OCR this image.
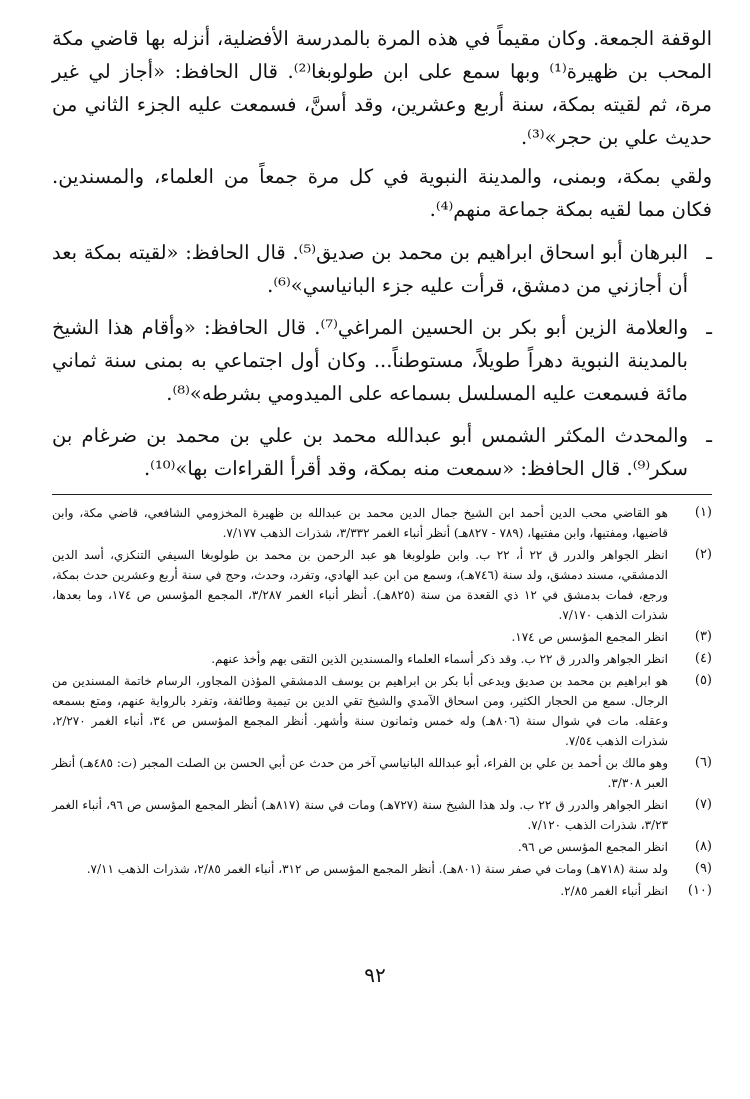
الوقفة الجمعة. وكان مقيماً في هذه المرة بالمدرسة الأفضلية، أنزله بها قاضي مكة المحب بن ظهيرة⁽¹⁾ وبها سمع على ابن طولوبغا⁽²⁾. قال الحافظ: «أجاز لي غير مرة، ثم لقيته بمكة، سنة أربع وعشرين، وقد أسنَّ، فسمعت عليه الجزء الثاني من حديث علي بن حجر»⁽³⁾.

ولقي بمكة، وبمنى، والمدينة النبوية في كل مرة جمعاً من العلماء، والمسندين. فكان مما لقيه بمكة جماعة منهم⁽⁴⁾.

ـ
البرهان أبو اسحاق ابراهيم بن محمد بن صديق⁽⁵⁾. قال الحافظ: «لقيته بمكة بعد أن أجازني من دمشق، قرأت عليه جزء البانياسي»⁽⁶⁾.
ـ
والعلامة الزين أبو بكر بن الحسين المراغي⁽⁷⁾. قال الحافظ: «وأقام هذا الشيخ بالمدينة النبوية دهراً طويلاً، مستوطناً... وكان أول اجتماعي به بمنى سنة ثماني مائة فسمعت عليه المسلسل بسماعه على الميدومي بشرطه»⁽⁸⁾.
ـ
والمحدث المكثر الشمس أبو عبدالله محمد بن علي بن محمد بن ضرغام بن سكر⁽⁹⁾. قال الحافظ: «سمعت منه بمكة، وقد أقرأ القراءات بها»⁽¹⁰⁾.
(١)
هو القاضي محب الدين أحمد ابن الشيخ جمال الدين محمد بن عبدالله بن ظهيرة المخزومي الشافعي، قاضي مكة، وابن قاضيها، ومفتيها، وابن مفتيها، (٧٨٩ - ٨٢٧هـ) أنظر أنباء الغمر ٣/٣٣٢، شذرات الذهب ٧/١٧٧.
(٢)
انظر الجواهر والدرر ق ٢٢ أ، ٢٢ ب. وابن طولوبغا هو عبد الرحمن بن محمد بن طولوبغا السيفي التنكزي، أسد الدين الدمشقي، مسند دمشق، ولد سنة (٧٤٦هـ)، وسمع من ابن عبد الهادي، وتفرد، وحدث، وحج في سنة أربع وعشرين حدث بمكة، ورجع، فمات بدمشق في ١٢ ذي القعدة من سنة (٨٢٥هـ). أنظر أنباء الغمر ٣/٢٨٧، المجمع المؤسس ص ١٧٤، وما بعدها، شذرات الذهب ٧/١٧٠.
(٣)
انظر المجمع المؤسس ص ١٧٤.
(٤)
انظر الجواهر والدرر ق ٢٢ ب. وقد ذكر أسماء العلماء والمسندين الذين التقى بهم وأخذ عنهم.
(٥)
هو ابراهيم بن محمد بن صديق ويدعى أبا بكر بن ابراهيم بن يوسف الدمشقي المؤذن المجاور، الرسام خاتمة المسندين من الرجال. سمع من الحجار الكثير، ومن اسحاق الآمدي والشيخ تقي الدين بن تيمية وطائفة، وتفرد بالرواية عنهم، ومتع بسمعه وعقله. مات في شوال سنة (٨٠٦هـ) وله خمس وثمانون سنة وأشهر. أنظر المجمع المؤسس ص ٣٤، أنباء الغمر ٢/٢٧٠، شذرات الذهب ٧/٥٤.
(٦)
وهو مالك بن أحمد بن علي بن الفراء، أبو عبدالله البانياسي آخر من حدث عن أبي الحسن بن الصلت المجبر (ت: ٤٨٥هـ) أنظر العبر ٣/٣٠٨.
(٧)
انظر الجواهر والدرر ق ٢٢ ب. ولد هذا الشيخ سنة (٧٢٧هـ) ومات في سنة (٨١٧هـ) أنظر المجمع المؤسس ص ٩٦، أنباء الغمر ٣/٢٣، شذرات الذهب ٧/١٢٠.
(٨)
انظر المجمع المؤسس ص ٩٦.
(٩)
ولد سنة (٧١٨هـ) ومات في صفر سنة (٨٠١هـ). أنظر المجمع المؤسس ص ٣١٢، أنباء الغمر ٢/٨٥، شذرات الذهب ٧/١١.
(١٠)
انظر أنباء الغمر ٢/٨٥.
٩٢
